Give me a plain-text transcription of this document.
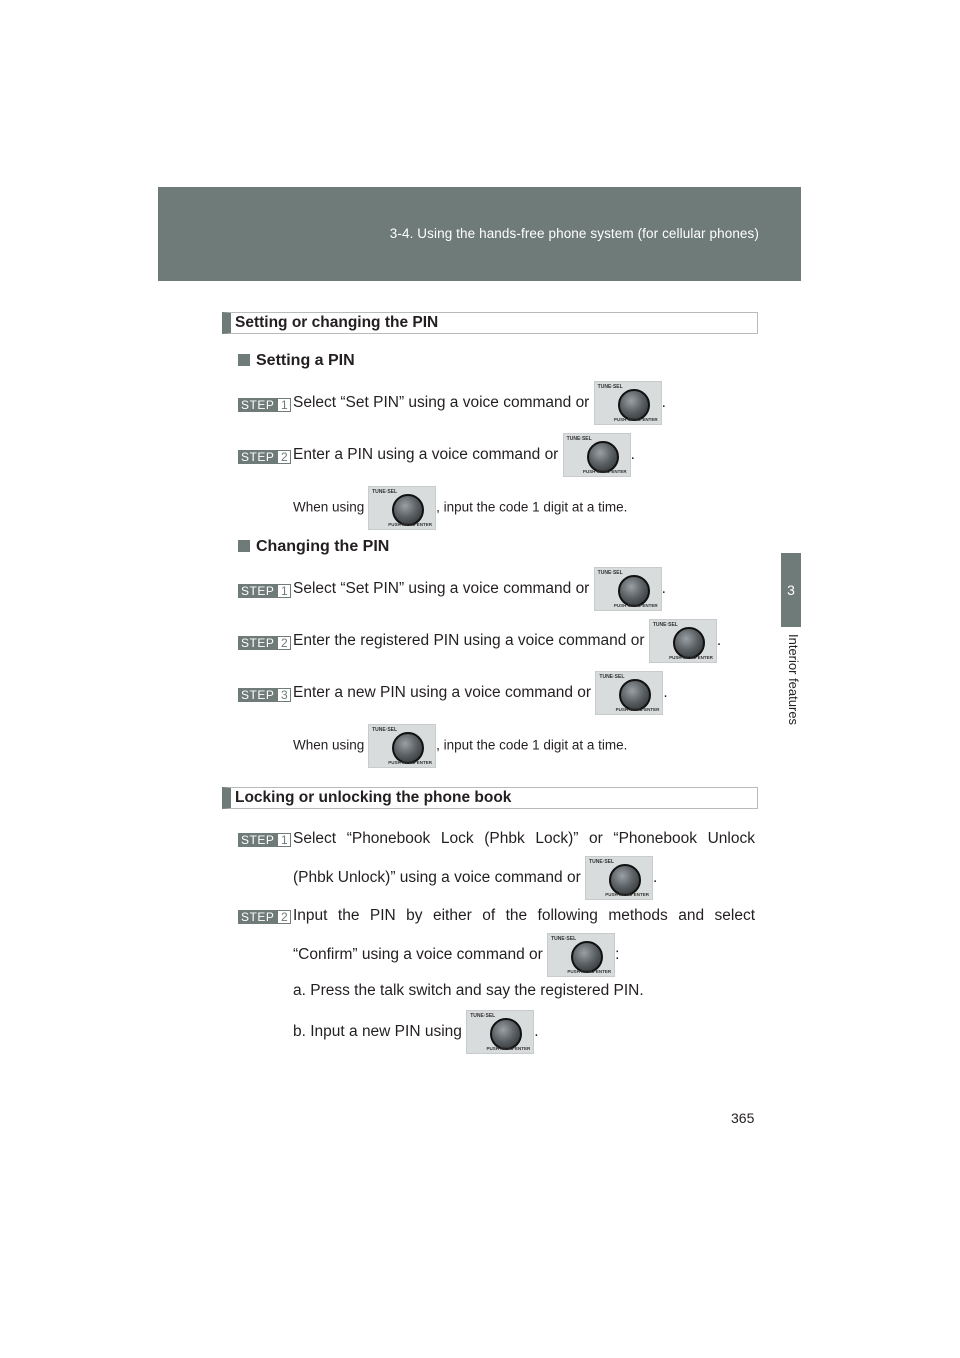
3-4. Using the hands-free phone system (for cellular phones)
3
Interior features
Setting or changing the PIN
Setting a PIN
STEP 1 Select “Set PIN” using a voice command or
TUNE·SEL
PUSH MENU·ENTER
.
STEP 2 Enter a PIN using a voice command or
TUNE·SEL
PUSH MENU·ENTER
.
When using
TUNE·SEL
PUSH MENU·ENTER
, input the code 1 digit at a time.
Changing the PIN
STEP 1 Select “Set PIN” using a voice command or
TUNE·SEL
PUSH MENU·ENTER
.
STEP 2 Enter the registered PIN using a voice command or
TUNE·SEL
PUSH MENU·ENTER
.
STEP 3 Enter a new PIN using a voice command or
TUNE·SEL
PUSH MENU·ENTER
.
When using
TUNE·SEL
PUSH MENU·ENTER
, input the code 1 digit at a time.
Locking or unlocking the phone book
STEP 1 Select “Phonebook Lock (Phbk Lock)” or “Phonebook Unlock
(Phbk Unlock)” using a voice command or
TUNE·SEL
PUSH MENU·ENTER
.
STEP 2 Input the PIN by either of the following methods and select
“Confirm” using a voice command or
TUNE·SEL
PUSH MENU·ENTER
:
a. Press the talk switch and say the registered PIN.
b. Input a new PIN using
TUNE·SEL
PUSH MENU·ENTER
.
365
